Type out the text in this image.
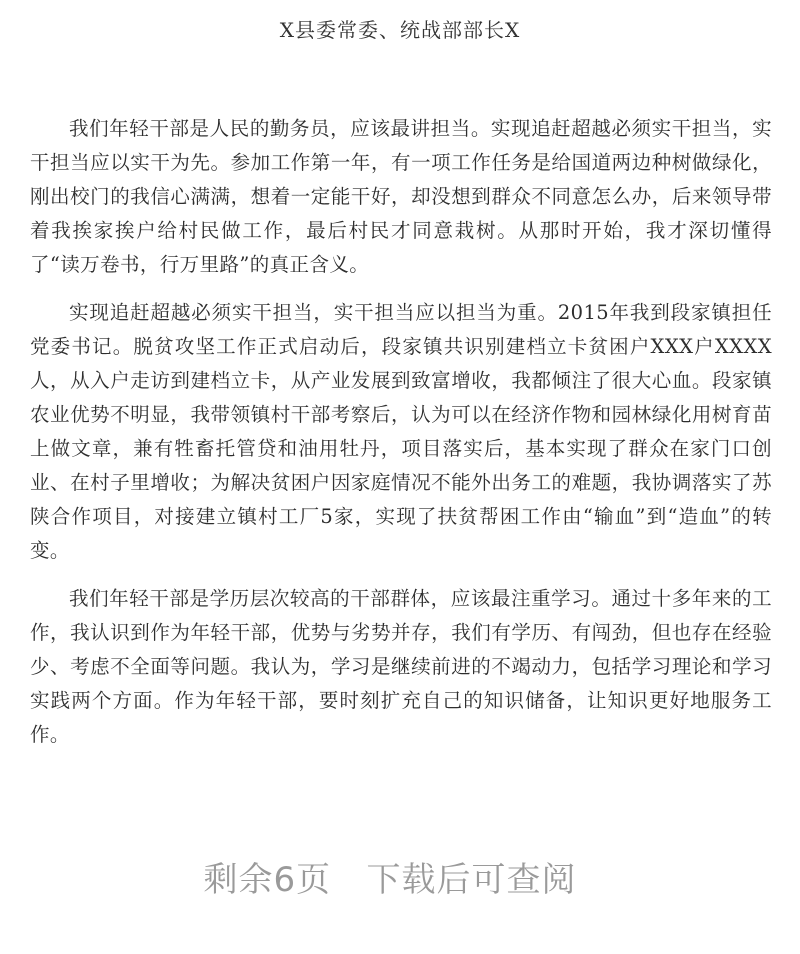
X县委常委、统战部部长X

我们年轻干部是人民的勤务员，应该最讲担当。实现追赶超越必须实干担当，实干担当应以实干为先。参加工作第一年，有一项工作任务是给国道两边种树做绿化，刚出校门的我信心满满，想着一定能干好，却没想到群众不同意怎么办，后来领导带着我挨家挨户给村民做工作，最后村民才同意栽树。从那时开始，我才深切懂得了“读万卷书，行万里路”的真正含义。

实现追赶超越必须实干担当，实干担当应以担当为重。2015年我到段家镇担任党委书记。脱贫攻坚工作正式启动后，段家镇共识别建档立卡贫困户XXX户XXXX人，从入户走访到建档立卡，从产业发展到致富增收，我都倾注了很大心血。段家镇农业优势不明显，我带领镇村干部考察后，认为可以在经济作物和园林绿化用树育苗上做文章，兼有牲畜托管贷和油用牡丹，项目落实后，基本实现了群众在家门口创业、在村子里增收；为解决贫困户因家庭情况不能外出务工的难题，我协调落实了苏陕合作项目，对接建立镇村工厂5家，实现了扶贫帮困工作由“输血”到“造血”的转变。

我们年轻干部是学历层次较高的干部群体，应该最注重学习。通过十多年来的工作，我认识到作为年轻干部，优势与劣势并存，我们有学历、有闯劲，但也存在经验少、考虑不全面等问题。我认为，学习是继续前进的不竭动力，包括学习理论和学习实践两个方面。作为年轻干部，要时刻扩充自己的知识储备，让知识更好地服务工作。

剩余6页   下载后可查阅
